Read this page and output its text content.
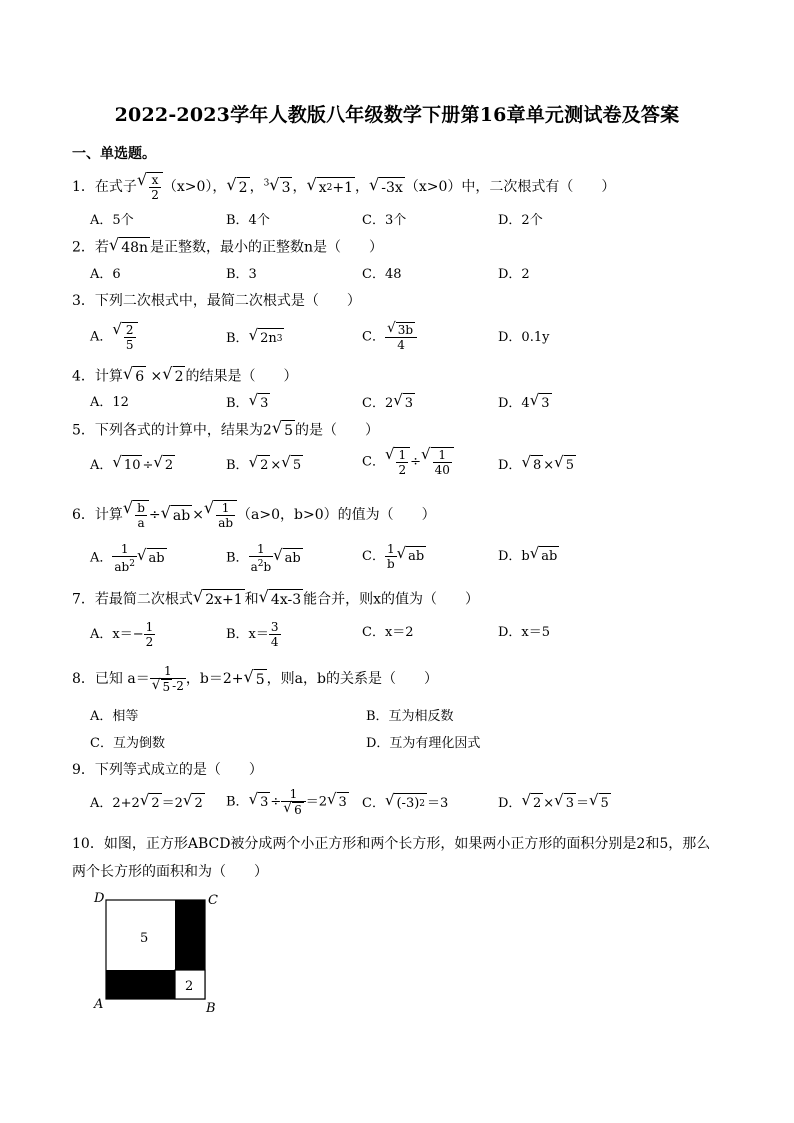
2022-2023学年人教版八年级数学下册第16章单元测试卷及答案
一、单选题。
1．在式子 √ $\frac{x}{2} (x>0)$， √ 2 ，$^3$ √ 3 ， √ x 2 +1 ， √ -3x （x>0）中，二次根式有（　　）
A．5个	B．4个	C．3个	D．2个
2．若 √ 48n 是正整数，最小的正整数n是（　　）
A．6	B．3	C．48	D．2
3．下列二次根式中，最简二次根式是（　　）
A． √ $\frac{2}{5}$	B． √ 2n 3	C． $\frac{√ 3b}{4}$	D．0.1y
4．计算 √ 6 × √ 2 的结果是（　　）
A．12	B． √ 3	C．2 √ 3	D．4 √ 3
5．下列各式的计算中，结果为2 √ 5 的是（　　）
A． √ 10 ÷ √ 2	B． √ 2 × √ 5	C． √ $\frac{1}{2}$ ÷ √ $\frac{1}{40}$	D． √ 8 × √ 5
6．计算 √ $\frac{b}{a}$ ÷ √ ab × √ $\frac{1}{ab} (a>0$，b>0）的值为（　　）
A． $\frac{1}{ab^2}$ √ ab	B． $\frac{1}{a^2b}$ √ ab	C． $\frac{1}{b}$ √ ab	D．b √ ab
7．若最简二次根式 √ 2x+1 和 √ 4x-3 能合并，则x的值为（　　）
A．$x=- \frac{1}{2}$	B．$x= \frac{3}{4}$	C．x＝2	D．x＝5
8．已知 $a= \frac{1}{√ 5 -2}$ ，b＝2+ √ 5 ，则a，b的关系是（　　）
A．相等	B．互为相反数
C．互为倒数	D．互为有理化因式
9．下列等式成立的是（　　）
A．2+2 √ 2 ＝2 √ 2 B． √ $3 \div \frac{1}{√ 6} =2$ √ 3 C． √ (-3) 2 ＝3	D． √ 2 × √ 3 ＝ √ 5
10．如图，正方形ABCD被分成两个小正方形和两个长方形，如果两小正方形的面积分别是2和5，那么两个长方形的面积和为（　　）
5
2
D	C
A	B
